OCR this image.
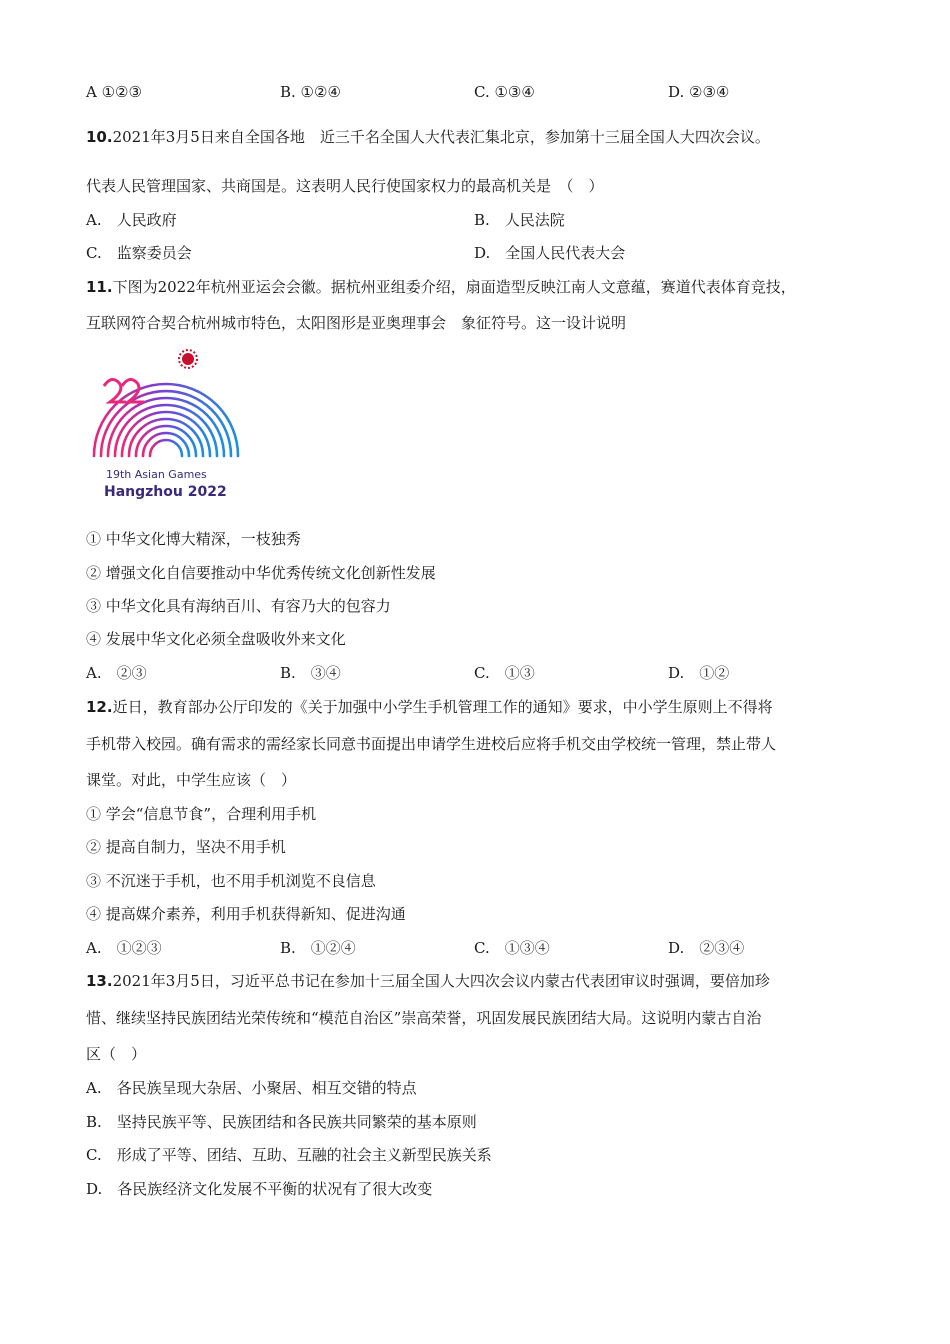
A ①②③	B. ①②④	C. ①③④	D. ②③④
10.2021年3月5日来自全国各地　近三千名全国人大代表汇集北京，参加第十三届全国人大四次会议。
代表人民管理国家、共商国是。这表明人民行使国家权力的最高机关是　（　）
A.　人民政府	B.　人民法院
C.　监察委员会	D.　全国人民代表大会
11.下图为2022年杭州亚运会会徽。据杭州亚组委介绍，扇面造型反映江南人文意蕴，赛道代表体育竞技，
互联网符合契合杭州城市特色，太阳图形是亚奥理事会　象征符号。这一设计说明
19th Asian Games
Hangzhou 2022
① 中华文化博大精深，一枝独秀
② 增强文化自信要推动中华优秀传统文化创新性发展
③ 中华文化具有海纳百川、有容乃大的包容力
④ 发展中华文化必须全盘吸收外来文化
A.　②③	B.　③④	C.　①③	D.　①②
12.近日，教育部办公厅印发的《关于加强中小学生手机管理工作的通知》要求，中小学生原则上不得将
手机带入校园。确有需求的需经家长同意书面提出申请学生进校后应将手机交由学校统一管理，禁止带人
课堂。对此，中学生应该（　）
① 学会“信息节食”，合理利用手机
② 提高自制力，坚决不用手机
③ 不沉迷于手机，也不用手机浏览不良信息
④ 提高媒介素养，利用手机获得新知、促进沟通
A.　①②③	B.　①②④	C.　①③④	D.　②③④
13.2021年3月5日，习近平总书记在参加十三届全国人大四次会议内蒙古代表团审议时强调，要倍加珍
惜、继续坚持民族团结光荣传统和“模范自治区”崇高荣誉，巩固发展民族团结大局。这说明内蒙古自治
区（　）
A.　各民族呈现大杂居、小聚居、相互交错的特点
B.　坚持民族平等、民族团结和各民族共同繁荣的基本原则
C.　形成了平等、团结、互助、互融的社会主义新型民族关系
D.　各民族经济文化发展不平衡的状况有了很大改变
